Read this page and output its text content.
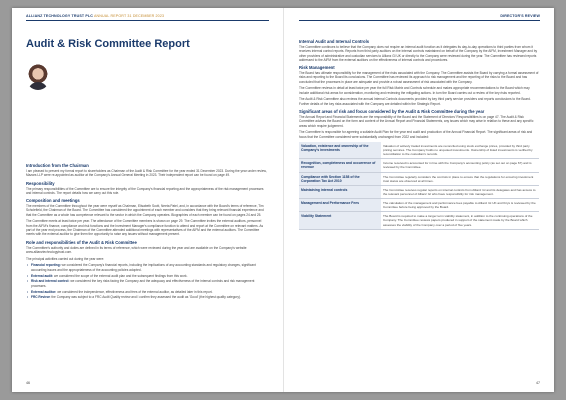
ALLIANZ TECHNOLOGY TRUST PLC ANNUAL REPORT 31 DECEMBER 2023	DIRECTOR'S REVIEW
Audit & Risk Committee Report
Introduction from the Chairman
I am pleased to present my formal report to shareholders as Chairman of the Audit & Risk Committee for the year ended 31 December 2023. During the year under review, Mazars LLP were re-appointed as auditor at the Company's Annual General Meeting in 2023. Their independent report can be found on page 49.
Responsibility
The primary responsibilities of the Committee are to ensure the integrity of the Company's financial reporting and the appropriateness of the risk management processes and internal controls. The report details how we carry out this role.
Composition and meetings
The members of the Committee throughout the year were myself as Chairman, Elisabeth Scott, Neeta Patel, and, in accordance with the Board's terms of reference, Tim Scholefield, the Chairman of the Board. The Committee has considered the appointment of each member and considers that they bring relevant financial experience and that the Committee as a whole has competence relevant to the sector in which the Company operates. Biographies of each member can be found on pages 24 and 25.
The Committee meets at least twice per year. The attendance of the Committee members is shown on page 29. The Committee invites the external auditors, personnel from the AIFM's finance, compliance and risk functions and the Investment Manager's compliance function to attend and report at the Committee on relevant matters. As part of the year end process, the Chairman of the Committee attended additional meetings with representatives of the AIFM and the external auditors. The Committee meets with the external auditor to give them the opportunity to raise any issues without management present.
Role and responsibilities of the Audit & Risk Committee
The Committee's authority and duties are defined in its terms of reference, which were reviewed during the year and are available on the Company's website www.allianztechnologytrust.com.
The principal activities carried out during the year were:
• Financial reporting: we considered the Company's financial reports, including the implications of any accounting standards and regulatory changes, significant accounting issues and the appropriateness of the accounting policies adopted.
• External audit: we considered the scope of the external audit plan and the subsequent findings from this work.
• Risk and internal control: we considered the key risks facing the Company and the adequacy and effectiveness of the internal controls and risk management processes.
• External auditor: we considered the independence, effectiveness and fees of the external auditor, as detailed later in this report.
• FRC Review: the Company was subject to a FRC Audit Quality review and I confirm they assessed the audit as 'Good' (the highest quality category).
Internal Audit and Internal Controls
The Committee continues to believe that the Company does not require an internal audit function as it delegates its day-to-day operations to third parties from whom it receives internal control reports. Reports from third party auditors on the internal controls maintained on behalf of the Company by the AIFM, Investment Manager and by other providers of administrative and custodian services to Allianz GI UK or directly to the Company were reviewed during the year. The Committee has reviewed reports addressed to the AIFM from the external auditors on the effectiveness of internal controls and procedures.
Risk Management
The Board has ultimate responsibility for the management of the risks associated with the Company. The Committee assists the Board by carrying a formal assessment of risks and reporting to the Board its conclusions. The Committee has reviewed its approach to risk management and the reporting of the risks to the Board and has concluded that the processes in place are adequate and provide a robust assessment of risk associated with the Company.
The Committee reviews in detail at least twice per year the full Risk Matrix and Controls schedule and makes appropriate recommendations to the Board which may include additional risk areas for consideration, monitoring and reviewing the mitigating actions. In turn the Board carries out a review of the key risks reported.
The Audit & Risk Committee also reviews the annual Internal Controls documents provided by key third party service providers and reports conclusions to the Board. Further details of the key risks associated with the Company are detailed within the Strategic Report.
Significant areas of risk and focus considered by the Audit & Risk Committee during the year
The Annual Report and Financial Statements are the responsibility of the Board and the Statement of Directors' Responsibilities is on page 47. The Audit & Risk Committee advises the Board on the form and content of the Annual Report and Financial Statements, any issues which may arise in relation to these and any specific areas which require judgement.
The Committee is responsible for agreeing a suitable Audit Plan for the year end audit and production of the Annual Financial Report. The significant areas of risk and focus that the Committee considered were substantially unchanged from 2022 and included:
Valuation, existence and ownership of the Company's investments	Valuation of actively traded investments are reconciled using stock exchange prices, provided by third party pricing services. The Company holds no unquoted investments. Ownership of listed investments is verified by reconciliation to the custodian's records.
Recognition, completeness and occurrence of revenue	Income received is accounted for in line with the Company's accounting policy (as set out on page 67) and is reviewed by the Committee.
Compliance with Section 1158 of the Corporation Tax Act 2010	The Committee regularly considers the controls in place to ensure that the regulations for ensuring investment trust status are observed at all times.
Maintaining internal controls	The Committee receives regular reports on internal controls from Allianz GI and its delegates and has access to the relevant personnel of Allianz GI who have responsibility for risk management.
Management and Performance Fees	The calculation of the management and performance fees payable to Allianz GI UK and Ibrys is reviewed by the Committee before being approved by the Board.
Viability Statement	The Board is required to make a longer term viability statement, in addition to the continuing operations of the Company. The Committee reviews papers produced in support of the statement made by the Board which assesses the viability of the Company over a period of five years.
46	47
